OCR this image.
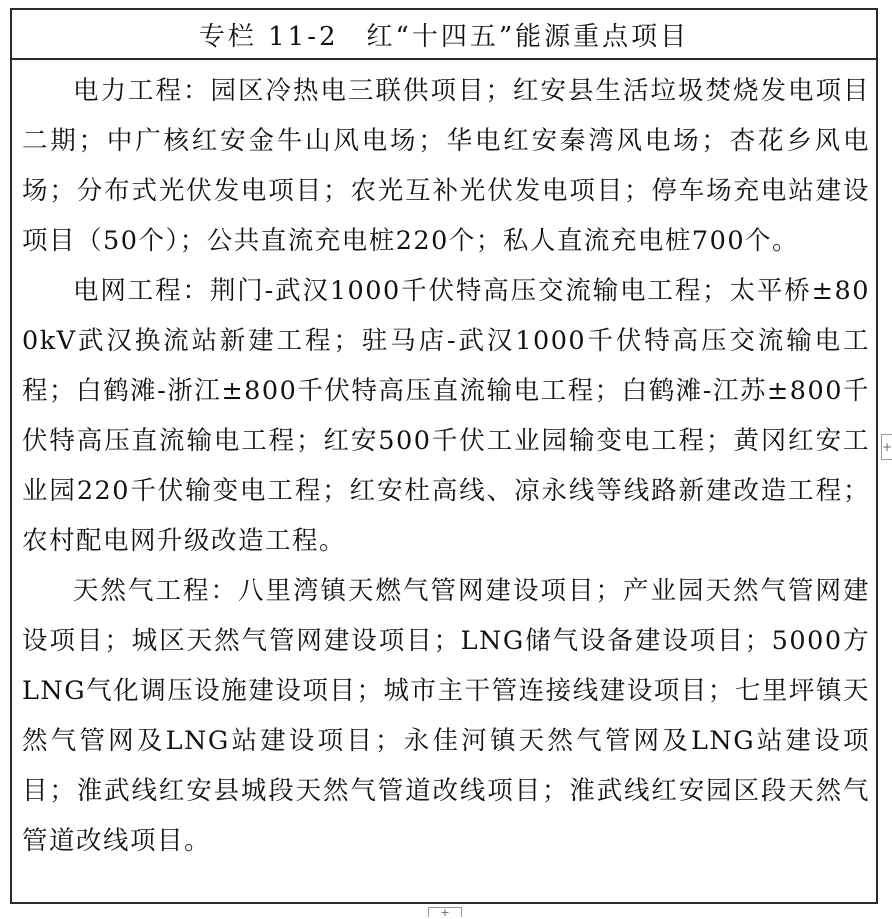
专栏 11-2 红“十四五”能源重点项目

电力工程：园区冷热电三联供项目；红安县生活垃圾焚烧发电项目二期；中广核红安金牛山风电场；华电红安秦湾风电场；杏花乡风电场；分布式光伏发电项目；农光互补光伏发电项目；停车场充电站建设项目（50个）；公共直流充电桩220个；私人直流充电桩700个。

电网工程：荆门-武汉1000千伏特高压交流输电工程；太平桥±800kV武汉换流站新建工程；驻马店-武汉1000千伏特高压交流输电工程；白鹤滩-浙江±800千伏特高压直流输电工程；白鹤滩-江苏±800千伏特高压直流输电工程；红安500千伏工业园输变电工程；黄冈红安工业园220千伏输变电工程；红安杜高线、凉永线等线路新建改造工程；农村配电网升级改造工程。

天然气工程：八里湾镇天燃气管网建设项目；产业园天然气管网建设项目；城区天然气管网建设项目；LNG储气设备建设项目；5000方LNG气化调压设施建设项目；城市主干管连接线建设项目；七里坪镇天然气管网及LNG站建设项目；永佳河镇天然气管网及LNG站建设项目；淮武线红安县城段天然气管道改线项目；淮武线红安园区段天然气管道改线项目。

+
+
